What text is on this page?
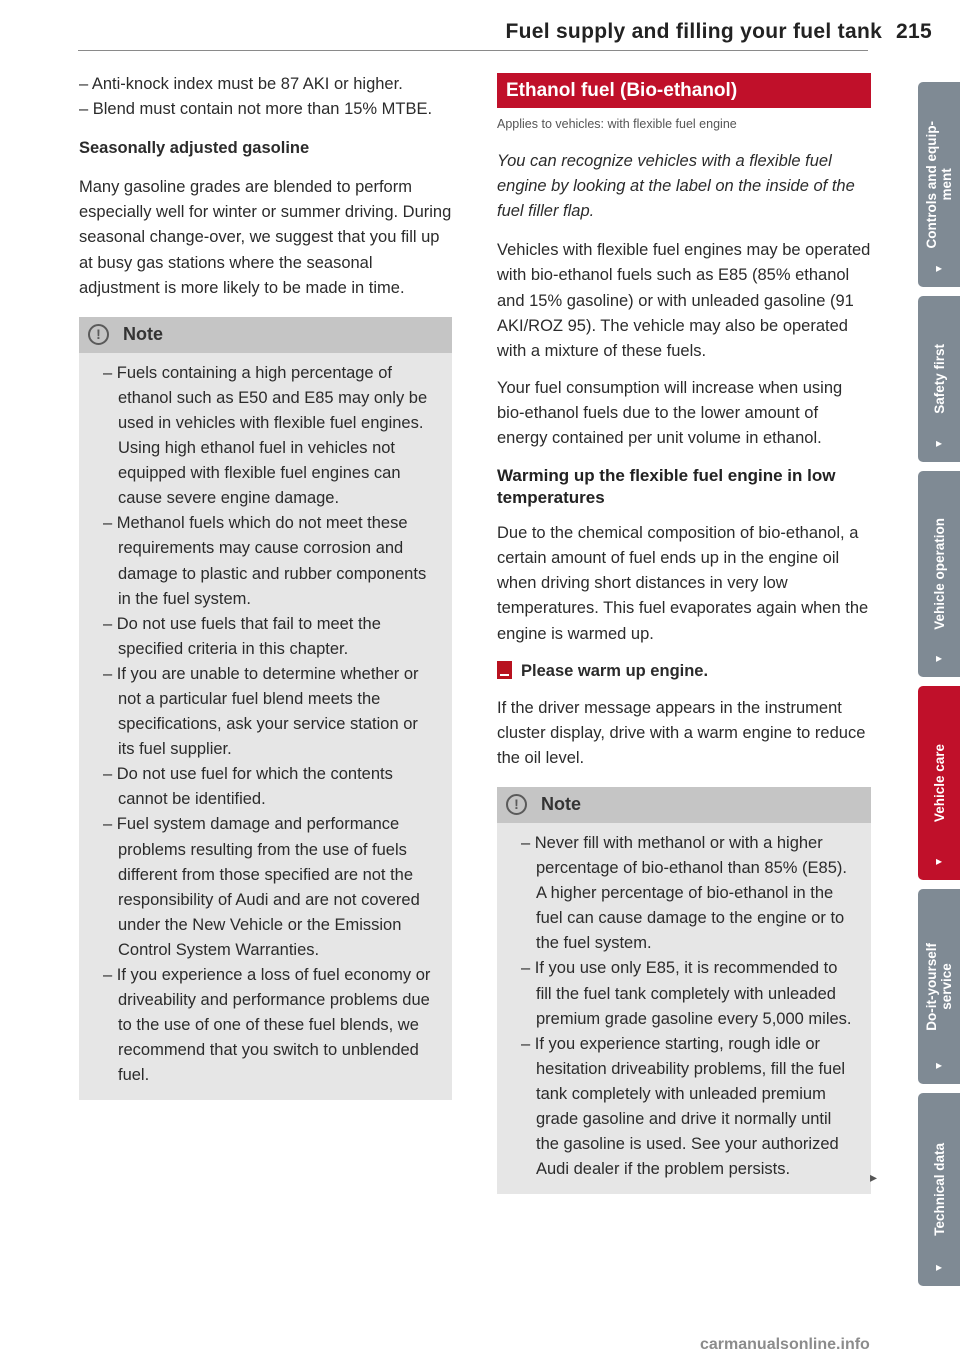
Fuel supply and filling your fuel tank 215

– Anti-knock index must be 87 AKI or higher.

– Blend must contain not more than 15% MTBE.

Seasonally adjusted gasoline

Many gasoline grades are blended to perform especially well for winter or summer driving. During seasonal change-over, we suggest that you fill up at busy gas stations where the seasonal adjustment is more likely to be made in time.

!	Note

– Fuels containing a high percentage of ethanol such as E50 and E85 may only be used in vehicles with flexible fuel engines. Using high ethanol fuel in vehicles not equipped with flexible fuel engines can cause severe engine damage.

– Methanol fuels which do not meet these requirements may cause corrosion and damage to plastic and rubber components in the fuel system.

– Do not use fuels that fail to meet the specified criteria in this chapter.

– If you are unable to determine whether or not a particular fuel blend meets the specifications, ask your service station or its fuel supplier.

– Do not use fuel for which the contents cannot be identified.

– Fuel system damage and performance problems resulting from the use of fuels different from those specified are not the responsibility of Audi and are not covered under the New Vehicle or the Emission Control System Warranties.

– If you experience a loss of fuel economy or driveability and performance problems due to the use of one of these fuel blends, we recommend that you switch to unblended fuel.

Ethanol fuel (Bio-ethanol)

Applies to vehicles: with flexible fuel engine

You can recognize vehicles with a flexible fuel engine by looking at the label on the inside of the fuel filler flap.

Vehicles with flexible fuel engines may be operated with bio-ethanol fuels such as E85 (85% ethanol and 15% gasoline) or with unleaded gasoline (91 AKI/ROZ 95). The vehicle may also be operated with a mixture of these fuels.

Your fuel consumption will increase when using bio-ethanol fuels due to the lower amount of energy contained per unit volume in ethanol.

Warming up the flexible fuel engine in low temperatures

Due to the chemical composition of bio-ethanol, a certain amount of fuel ends up in the engine oil when driving short distances in very low temperatures. This fuel evaporates again when the engine is warmed up.

Please warm up engine.

If the driver message appears in the instrument cluster display, drive with a warm engine to reduce the oil level.

!	Note

– Never fill with methanol or with a higher percentage of bio-ethanol than 85% (E85). A higher percentage of bio-ethanol in the fuel can cause damage to the engine or to the fuel system.

– If you use only E85, it is recommended to fill the fuel tank completely with unleaded premium grade gasoline every 5,000 miles.

– If you experience starting, rough idle or hesitation driveability problems, fill the fuel tank completely with unleaded premium grade gasoline and drive it normally until the gasoline is used. See your authorized Audi dealer if the problem persists.	▸
Controls and equip-
ment
▸
Safety first
▸
Vehicle operation
▸
Vehicle care
▸
Do-it-yourself
service
▸
Technical data
▸
carmanualsonline.info
